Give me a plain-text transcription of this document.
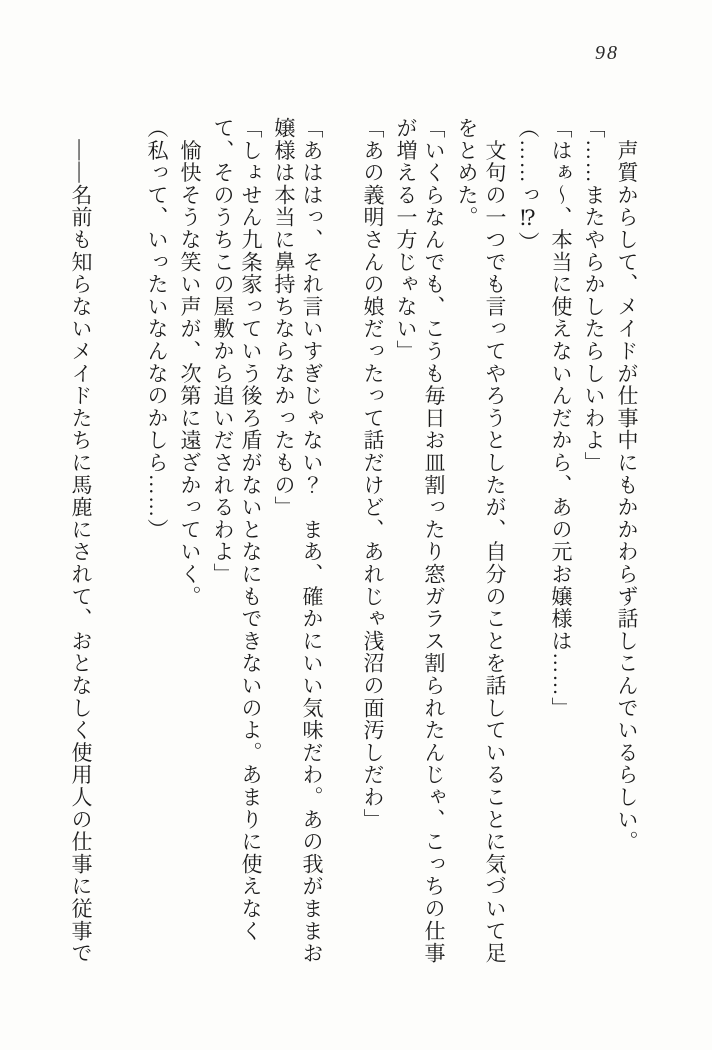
98

　声質からして、メイドが仕事中にもかかわらず話しこんでいるらしい。

「……またやらかしたらしいわよ」

「はぁ～、本当に使えないんだから、あの元お嬢様は……」

（……っ⁉）

　文句の一つでも言ってやろうとしたが、自分のことを話していることに気づいて足をとめた。

「いくらなんでも、こうも毎日お皿割ったり窓ガラス割られたんじゃ、こっちの仕事が増える一方じゃない」

「あの義明さんの娘だったって話だけど、あれじゃ浅沼の面汚しだわ」

「あははっ、それ言いすぎじゃない？　まあ、確かにいい気味だわ。あの我がままお嬢様は本当に鼻持ちならなかったもの」

「しょせん九条家っていう後ろ盾がないとなにもできないのよ。あまりに使えなくて、そのうちこの屋敷から追いだされるわよ」

　愉快そうな笑い声が、次第に遠ざかっていく。

（私って、いったいなんなのかしら……）

　――名前も知らないメイドたちに馬鹿にされて、おとなしく使用人の仕事に従事で
